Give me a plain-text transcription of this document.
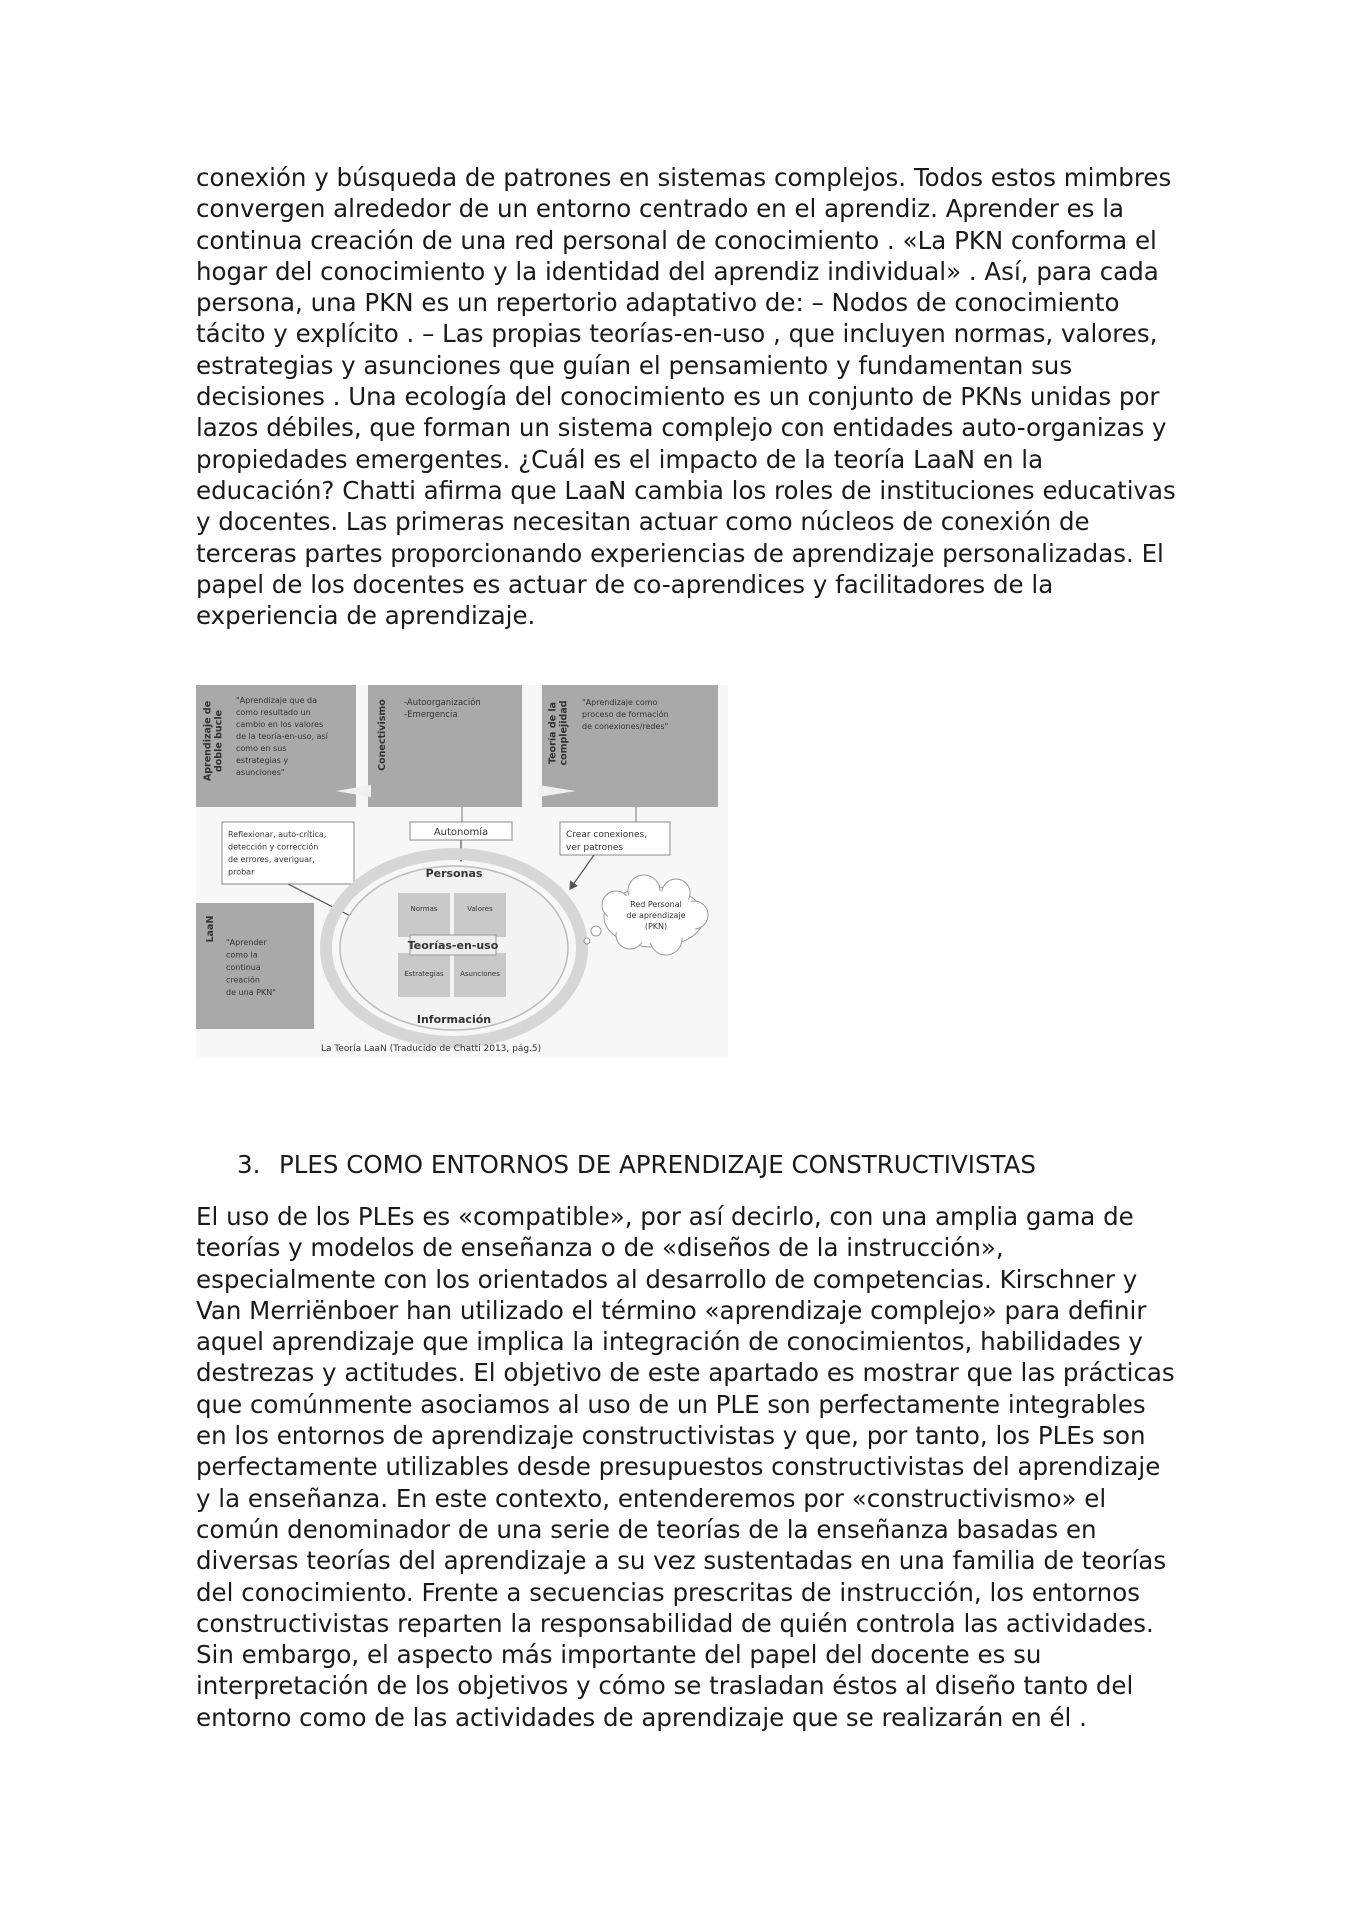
conexión y búsqueda de patrones en sistemas complejos. Todos estos mimbres convergen alrededor de un entorno centrado en el aprendiz. Aprender es la continua creación de una red personal de conocimiento . «La PKN conforma el hogar del conocimiento y la identidad del aprendiz individual» . Así, para cada persona, una PKN es un repertorio adaptativo de: – Nodos de conocimiento tácito y explícito . – Las propias teorías-en-uso , que incluyen normas, valores, estrategias y asunciones que guían el pensamiento y fundamentan sus decisiones . Una ecología del conocimiento es un conjunto de PKNs unidas por lazos débiles, que forman un sistema complejo con entidades auto-organizas y propiedades emergentes. ¿Cuál es el impacto de la teoría LaaN en la educación? Chatti afirma que LaaN cambia los roles de instituciones educativas y docentes. Las primeras necesitan actuar como núcleos de conexión de terceras partes proporcionando experiencias de aprendizaje personalizadas. El papel de los docentes es actuar de co-aprendices y facilitadores de la experiencia de aprendizaje.

Aprendizaje de doble bucle	Conectivismo	Teoría de la complejidad
LaaN
"Aprendizaje que da
como resultado un
cambio en los valores
de la teoría-en-uso, así
como en sus
estrategias y
asunciones"
-Autoorganización
-Emergencia
"Aprendizaje como
proceso de formación
de conexiones/redes"
"Aprender
como la
continua
creación
de una PKN"
Reflexionar, auto-crítica,
detección y corrección
de errores, averiguar,
probar
Autonomía	Crear conexiones,
ver patrones
Personas
Normas	Valores
Estrategias Asunciones
Teorías-en-uso
Información
Red Personal
de aprendizaje
(PKN)
La Teoría LaaN (Traducido de Chatti 2013, pág.5)
3. PLES COMO ENTORNOS DE APRENDIZAJE CONSTRUCTIVISTAS

El uso de los PLEs es «compatible», por así decirlo, con una amplia gama de teorías y modelos de enseñanza o de «diseños de la instrucción», especialmente con los orientados al desarrollo de competencias. Kirschner y Van Merriënboer han utilizado el término «aprendizaje complejo» para definir aquel aprendizaje que implica la integración de conocimientos, habilidades y destrezas y actitudes. El objetivo de este apartado es mostrar que las prácticas que comúnmente asociamos al uso de un PLE son perfectamente integrables en los entornos de aprendizaje constructivistas y que, por tanto, los PLEs son perfectamente utilizables desde presupuestos constructivistas del aprendizaje y la enseñanza. En este contexto, entenderemos por «constructivismo» el común denominador de una serie de teorías de la enseñanza basadas en diversas teorías del aprendizaje a su vez sustentadas en una familia de teorías del conocimiento. Frente a secuencias prescritas de instrucción, los entornos constructivistas reparten la responsabilidad de quién controla las actividades. Sin embargo, el aspecto más importante del papel del docente es su interpretación de los objetivos y cómo se trasladan éstos al diseño tanto del entorno como de las actividades de aprendizaje que se realizarán en él .
